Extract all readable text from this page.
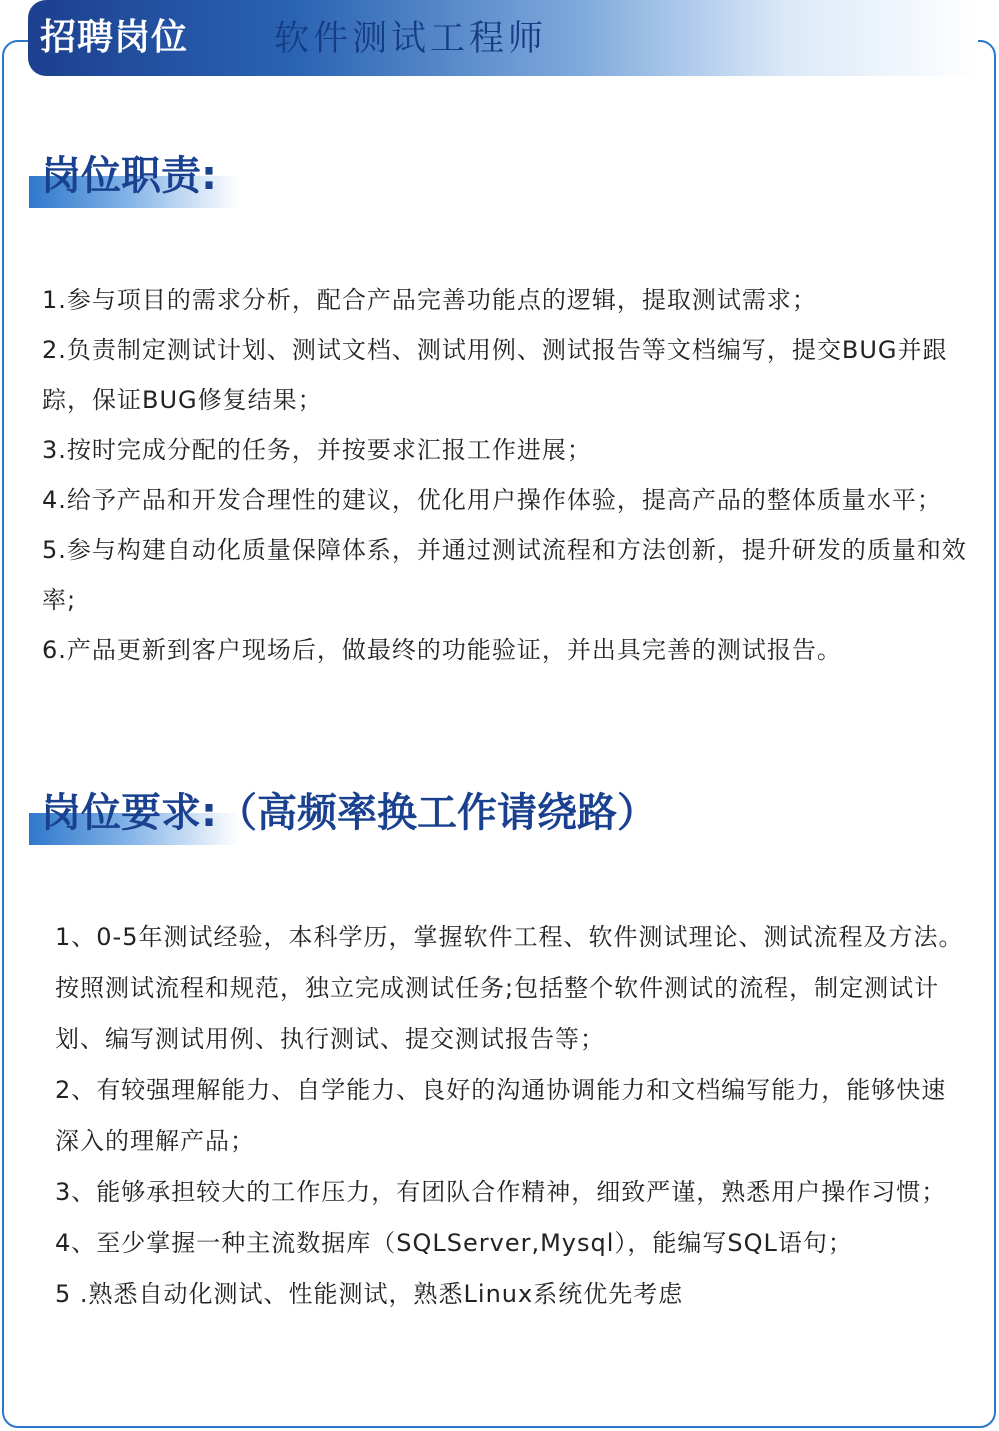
招聘岗位 软件测试工程师
岗位职责:

1.参与项目的需求分析，配合产品完善功能点的逻辑，提取测试需求；

2.负责制定测试计划、测试文档、测试用例、测试报告等文档编写，提交BUG并跟踪，保证BUG修复结果；

3.按时完成分配的任务，并按要求汇报工作进展；

4.给予产品和开发合理性的建议，优化用户操作体验，提高产品的整体质量水平；

5.参与构建自动化质量保障体系，并通过测试流程和方法创新，提升研发的质量和效率;

6.产品更新到客户现场后，做最终的功能验证，并出具完善的测试报告。

岗位要求:（高频率换工作请绕路）

1、0-5年测试经验，本科学历，掌握软件工程、软件测试理论、测试流程及方法。按照测试流程和规范，独立完成测试任务;包括整个软件测试的流程，制定测试计划、编写测试用例、执行测试、提交测试报告等；

2、有较强理解能力、自学能力、良好的沟通协调能力和文档编写能力，能够快速深入的理解产品；

3、能够承担较大的工作压力，有团队合作精神，细致严谨，熟悉用户操作习惯；

4、至少掌握一种主流数据库（SQLServer,Mysql），能编写SQL语句；

5 .熟悉自动化测试、性能测试，熟悉Linux系统优先考虑
